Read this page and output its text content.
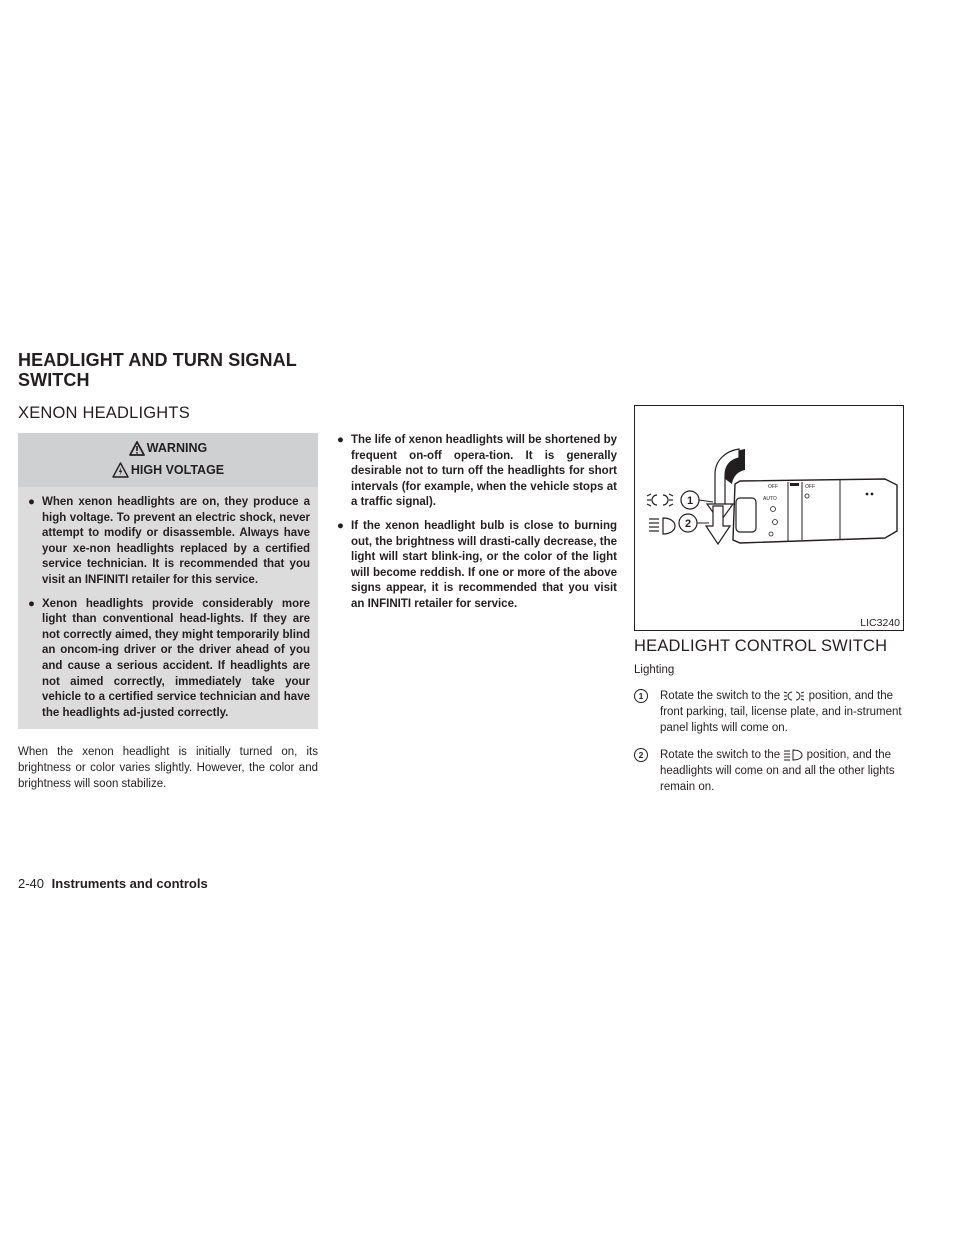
HEADLIGHT AND TURN SIGNAL
SWITCH
XENON HEADLIGHTS
WARNING
HIGH VOLTAGE
● When xenon headlights are on, they produce a high voltage. To prevent an electric shock, never attempt to modify or disassemble. Always have your xe-non headlights replaced by a certified service technician. It is recommended that you visit an INFINITI retailer for this service.
● Xenon headlights provide considerably more light than conventional head-lights. If they are not correctly aimed, they might temporarily blind an oncom-ing driver or the driver ahead of you and cause a serious accident. If headlights are not aimed correctly, immediately take your vehicle to a certified service technician and have the headlights ad-justed correctly.
When the xenon headlight is initially turned on, its brightness or color varies slightly. However, the color and brightness will soon stabilize.
● The life of xenon headlights will be shortened by frequent on-off opera-tion. It is generally desirable not to turn off the headlights for short intervals (for example, when the vehicle stops at a traffic signal).
● If the xenon headlight bulb is close to burning out, the brightness will drasti-cally decrease, the light will start blink-ing, or the color of the light will become reddish. If one or more of the above signs appear, it is recommended that you visit an INFINITI retailer for service.
OFF
AUTO
OFF
1
2
LIC3240
HEADLIGHT CONTROL SWITCH
Lighting
1	Rotate the switch to the position, and the front parking, tail, license plate, and in-strument panel lights will come on.
2	Rotate the switch to the position, and the headlights will come on and all the other lights remain on.
2-40 Instruments and controls
